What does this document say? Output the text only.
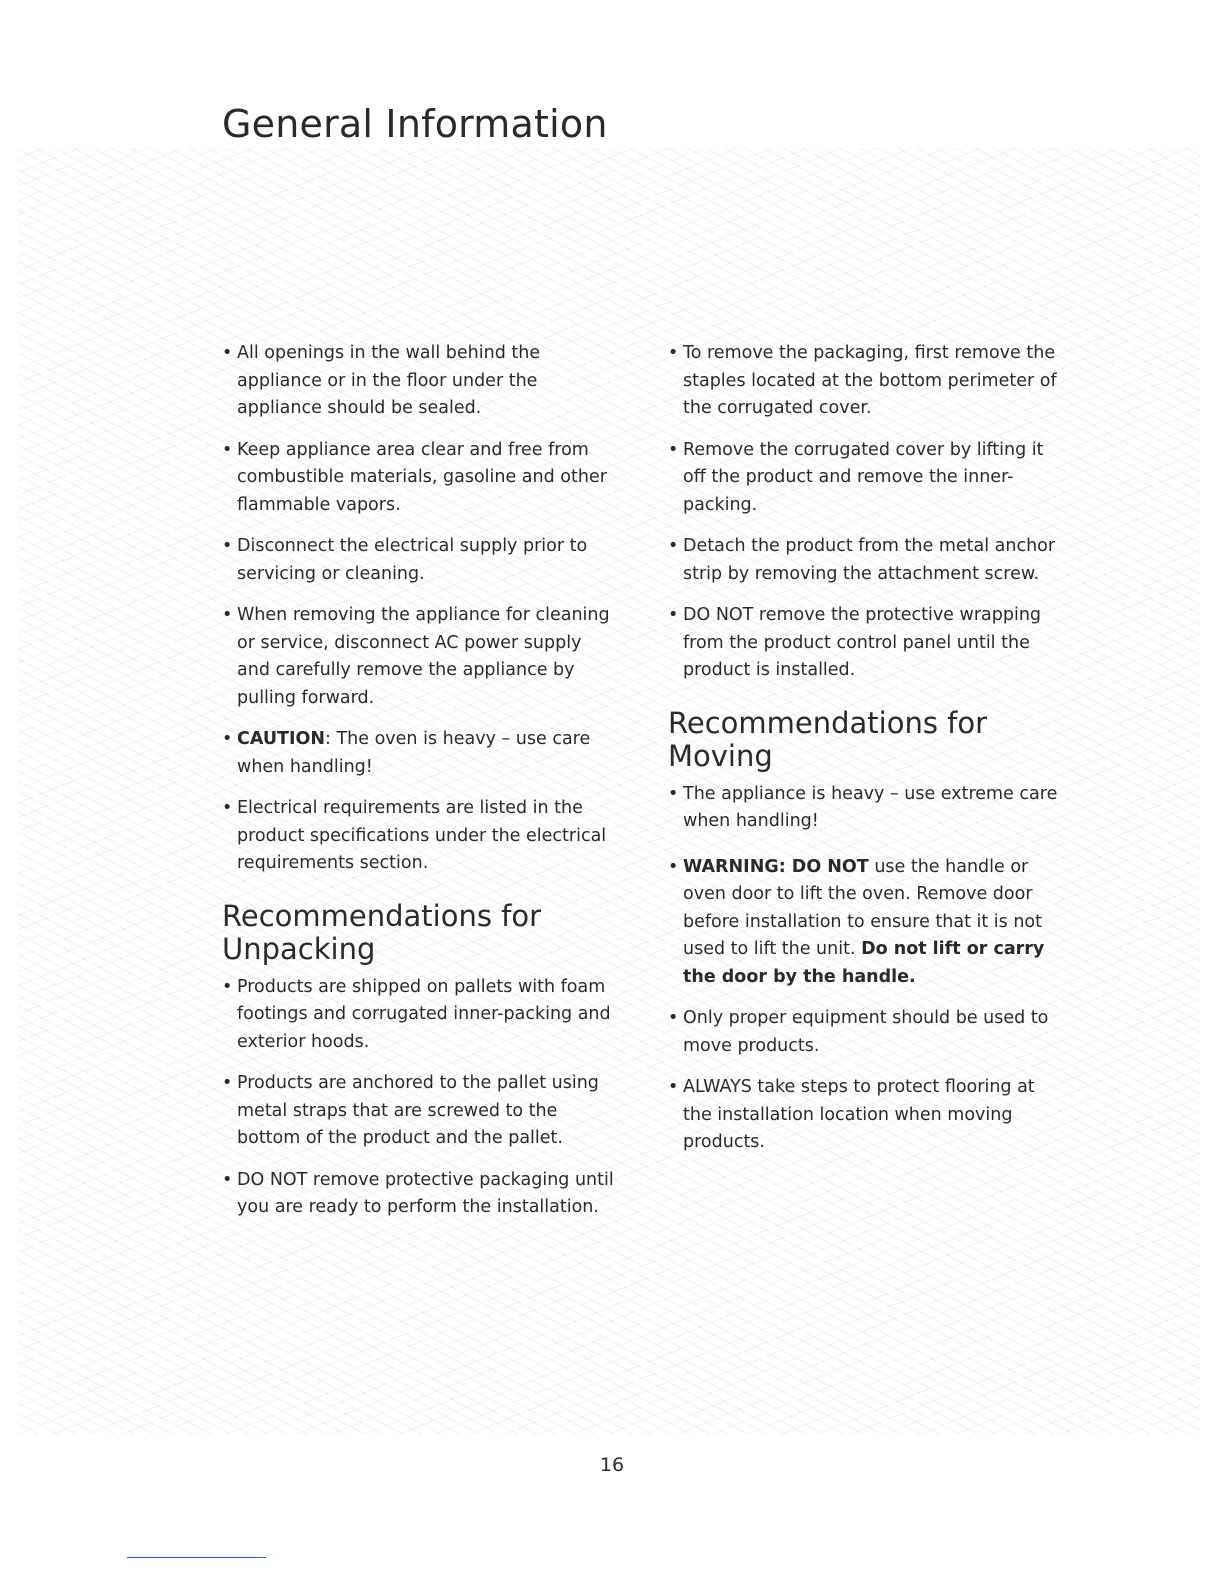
General Information

• All openings in the wall behind the appliance or in the floor under the appliance should be sealed.

• Keep appliance area clear and free from combustible materials, gasoline and other flammable vapors.

• Disconnect the electrical supply prior to servicing or cleaning.

• When removing the appliance for cleaning or service, disconnect AC power supply and carefully remove the appliance by pulling forward.

• CAUTION: The oven is heavy – use care when handling!

• Electrical requirements are listed in the product specifications under the electrical requirements section.

Recommendations for Unpacking

• Products are shipped on pallets with foam footings and corrugated inner-packing and exterior hoods.

• Products are anchored to the pallet using metal straps that are screwed to the bottom of the product and the pallet.

• DO NOT remove protective packaging until you are ready to perform the installation.

• To remove the packaging, first remove the staples located at the bottom perimeter of the corrugated cover.

• Remove the corrugated cover by lifting it off the product and remove the inner-packing.

• Detach the product from the metal anchor strip by removing the attachment screw.

• DO NOT remove the protective wrapping from the product control panel until the product is installed.

Recommendations for Moving

• The appliance is heavy – use extreme care when handling!

• WARNING: DO NOT use the handle or oven door to lift the oven. Remove door before installation to ensure that it is not used to lift the unit. Do not lift or carry the door by the handle.

• Only proper equipment should be used to move products.

• ALWAYS take steps to protect flooring at the installation location when moving products.

16
